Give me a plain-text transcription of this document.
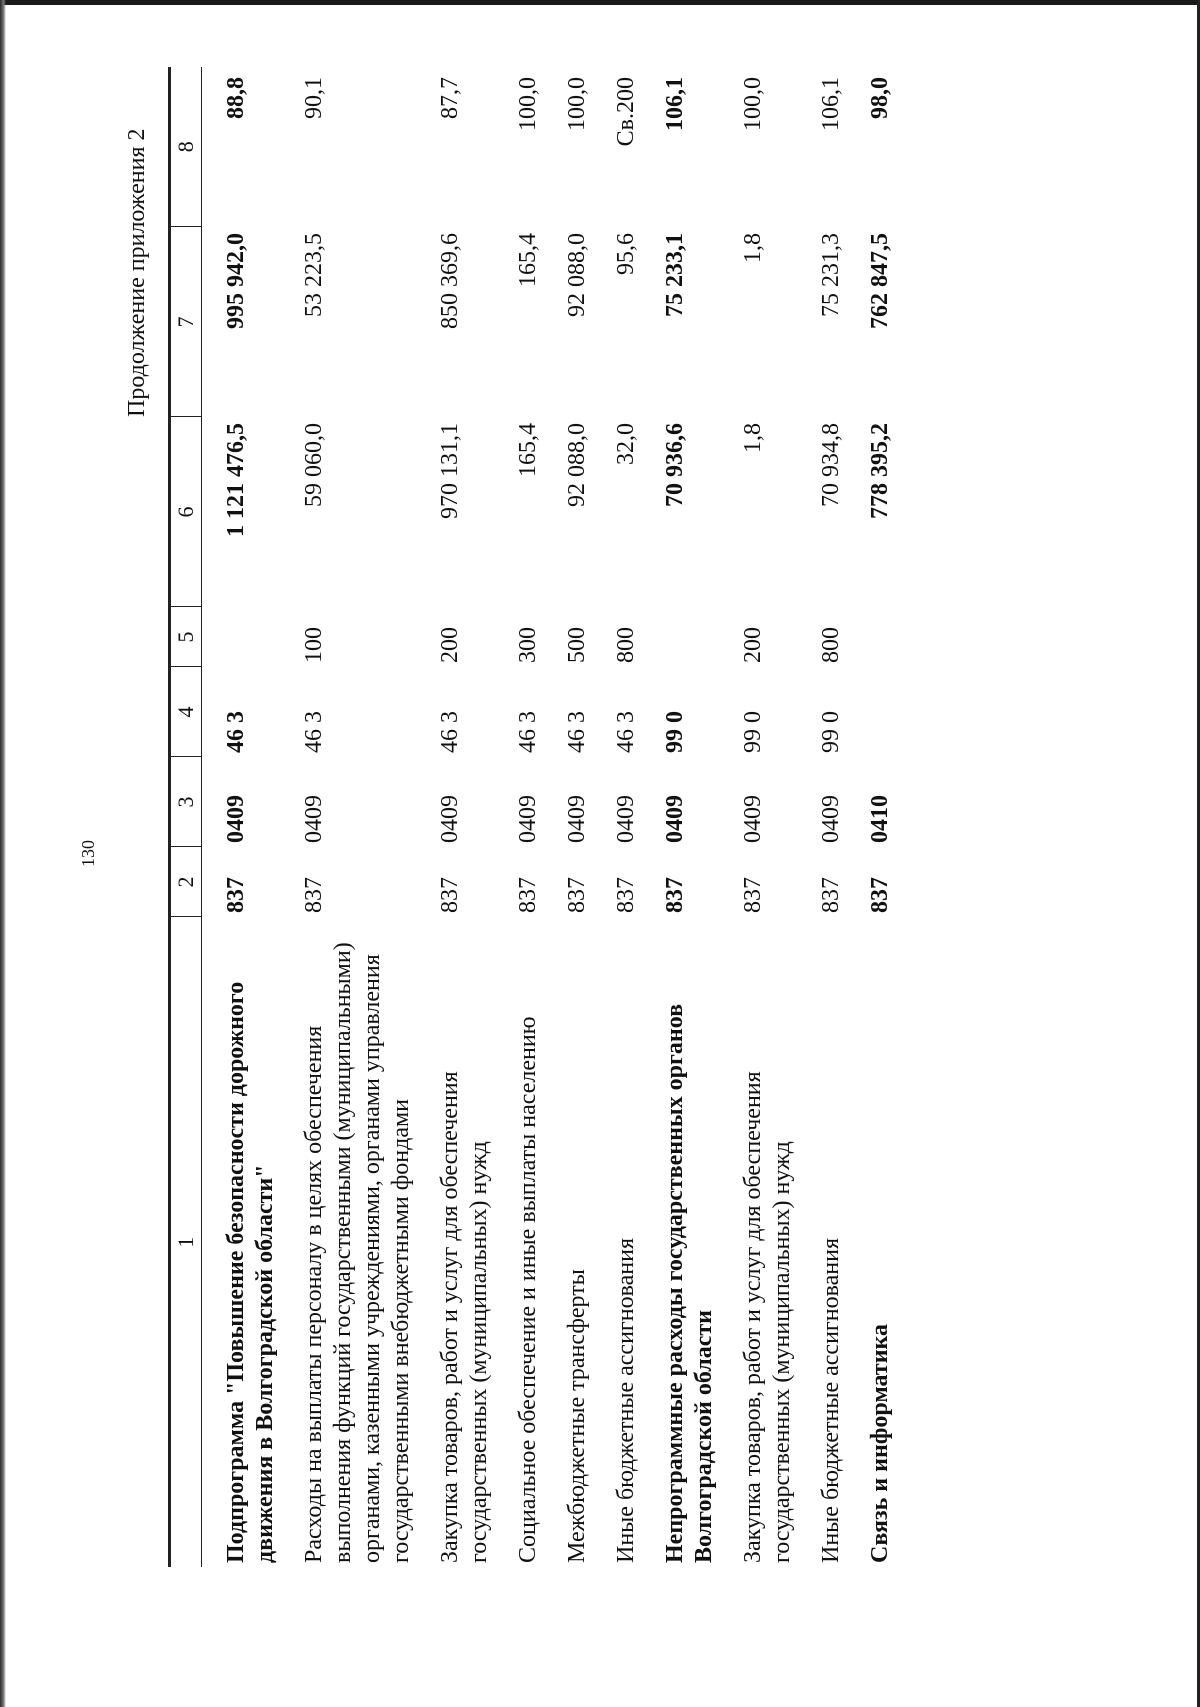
130
Продолжение приложения 2
1	2	3	4	5	6	7	8
Подпрограмма "Повышение безопасности дорожного движения в Волгоградской области"	837	0409	46 3		1 121 476,5	995 942,0	88,8
Расходы на выплаты персоналу в целях обеспечения выполнения функций государственными (муниципальными) органами, казенными учреждениями, органами управления государственными внебюджетными фондами	837	0409	46 3	100	59 060,0	53 223,5	90,1
Закупка товаров, работ и услуг для обеспечения государственных (муниципальных) нужд	837	0409	46 3	200	970 131,1	850 369,6	87,7
Социальное обеспечение и иные выплаты населению	837	0409	46 3	300	165,4	165,4	100,0
Межбюджетные трансферты	837	0409	46 3	500	92 088,0	92 088,0	100,0
Иные бюджетные ассигнования	837	0409	46 3	800	32,0	95,6	Св.200
Непрограммные расходы государственных органов Волгоградской области	837	0409	99 0		70 936,6	75 233,1	106,1
Закупка товаров, работ и услуг для обеспечения государственных (муниципальных) нужд	837	0409	99 0	200	1,8	1,8	100,0
Иные бюджетные ассигнования	837	0409	99 0	800	70 934,8	75 231,3	106,1
Связь и информатика	837	0410			778 395,2	762 847,5	98,0
